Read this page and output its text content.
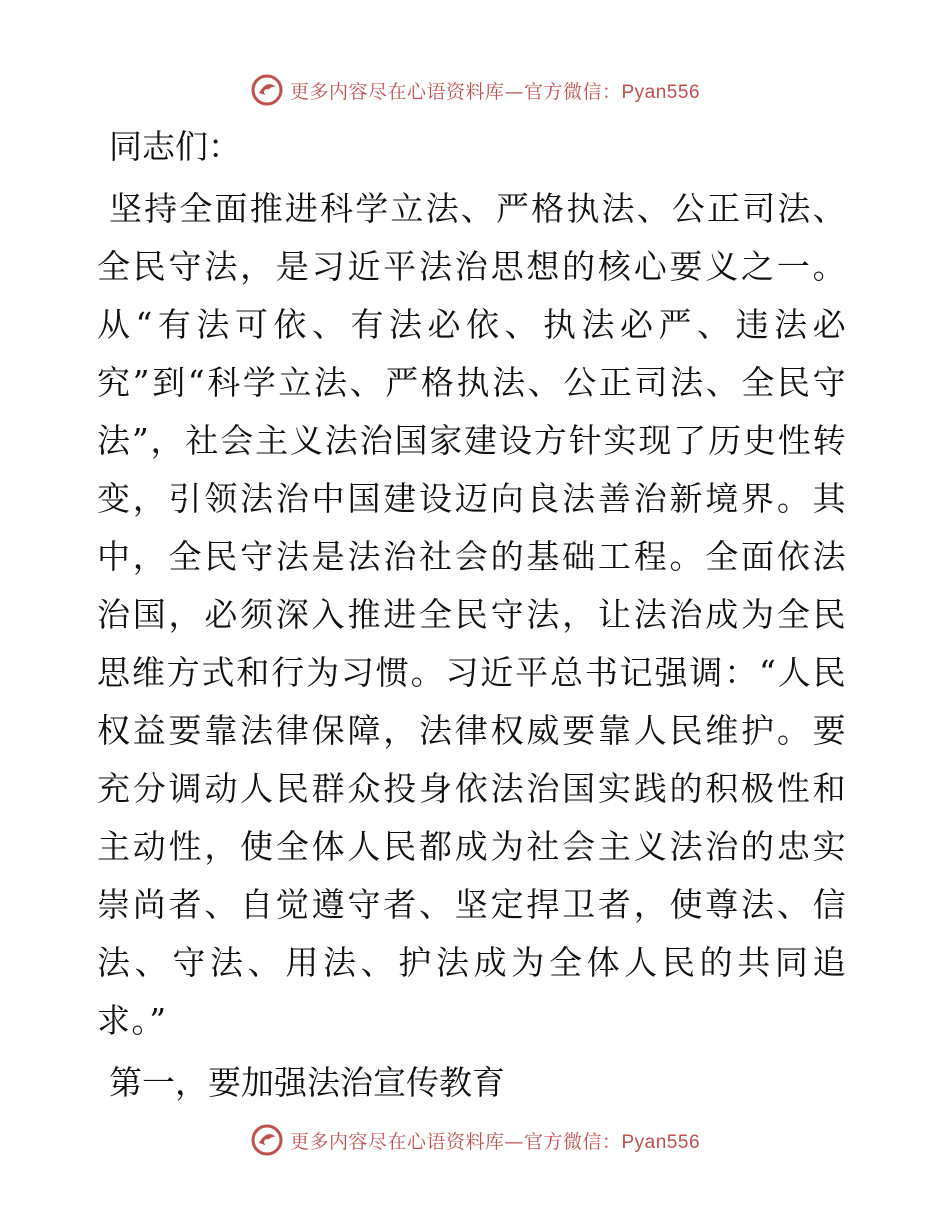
更多内容尽在心语资料库—官方微信：Pyan556
同志们：

坚持全面推进科学立法、严格执法、公正司法、全民守法，是习近平法治思想的核心要义之一。从“有法可依、有法必依、执法必严、违法必究”到“科学立法、严格执法、公正司法、全民守法”，社会主义法治国家建设方针实现了历史性转变，引领法治中国建设迈向良法善治新境界。其中，全民守法是法治社会的基础工程。全面依法治国，必须深入推进全民守法，让法治成为全民思维方式和行为习惯。习近平总书记强调：“人民权益要靠法律保障，法律权威要靠人民维护。要充分调动人民群众投身依法治国实践的积极性和主动性，使全体人民都成为社会主义法治的忠实崇尚者、自觉遵守者、坚定捍卫者，使尊法、信法、守法、用法、护法成为全体人民的共同追求。”

第一，要加强法治宣传教育
更多内容尽在心语资料库—官方微信：Pyan556
